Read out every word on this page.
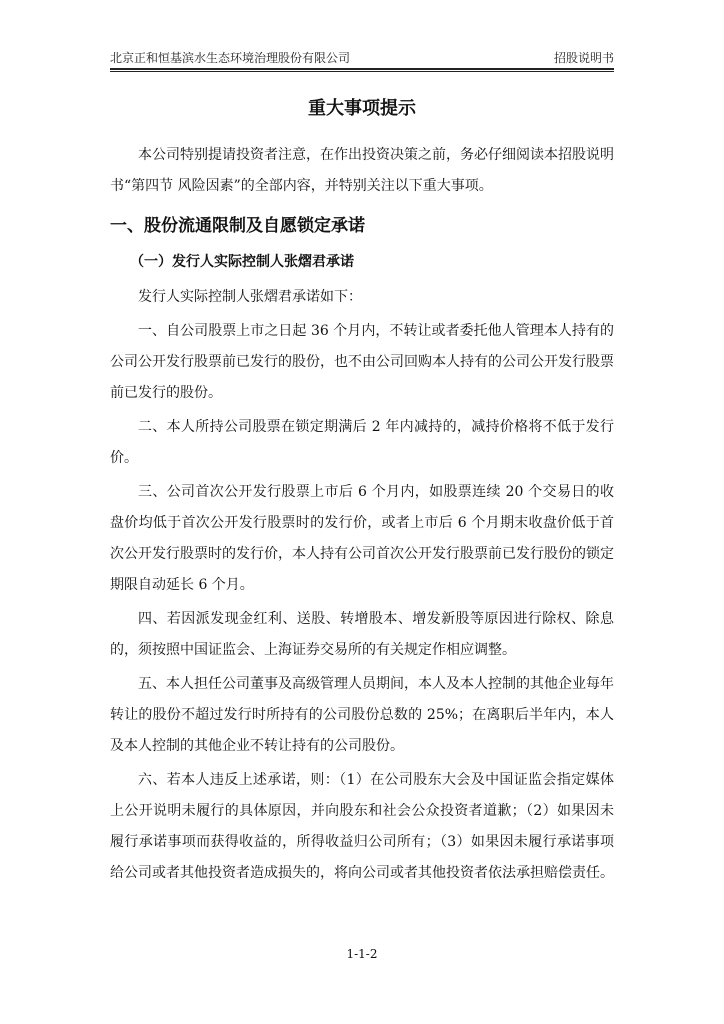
北京正和恒基滨水生态环境治理股份有限公司	招股说明书
重大事项提示

本公司特别提请投资者注意，在作出投资决策之前，务必仔细阅读本招股说明书“第四节 风险因素”的全部内容，并特别关注以下重大事项。

一、股份流通限制及自愿锁定承诺
（一）发行人实际控制人张熠君承诺

发行人实际控制人张熠君承诺如下：

一、自公司股票上市之日起 36 个月内，不转让或者委托他人管理本人持有的公司公开发行股票前已发行的股份，也不由公司回购本人持有的公司公开发行股票前已发行的股份。

二、本人所持公司股票在锁定期满后 2 年内减持的，减持价格将不低于发行价。

三、公司首次公开发行股票上市后 6 个月内，如股票连续 20 个交易日的收盘价均低于首次公开发行股票时的发行价，或者上市后 6 个月期末收盘价低于首次公开发行股票时的发行价，本人持有公司首次公开发行股票前已发行股份的锁定期限自动延长 6 个月。

四、若因派发现金红利、送股、转增股本、增发新股等原因进行除权、除息的，须按照中国证监会、上海证券交易所的有关规定作相应调整。

五、本人担任公司董事及高级管理人员期间，本人及本人控制的其他企业每年转让的股份不超过发行时所持有的公司股份总数的 25%；在离职后半年内，本人及本人控制的其他企业不转让持有的公司股份。

六、若本人违反上述承诺，则：（1）在公司股东大会及中国证监会指定媒体上公开说明未履行的具体原因，并向股东和社会公众投资者道歉；（2）如果因未履行承诺事项而获得收益的，所得收益归公司所有；（3）如果因未履行承诺事项给公司或者其他投资者造成损失的，将向公司或者其他投资者依法承担赔偿责任。

1-1-2
